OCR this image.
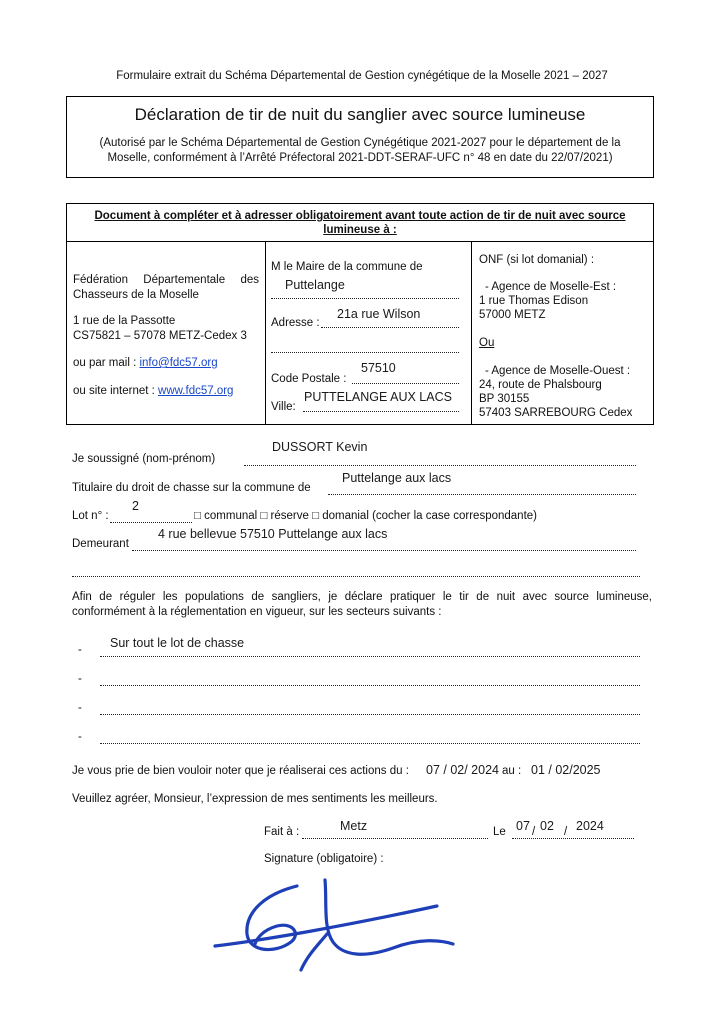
Formulaire extrait du Schéma Départemental de Gestion cynégétique de la Moselle 2021 – 2027
Déclaration de tir de nuit du sanglier avec source lumineuse
(Autorisé par le Schéma Départemental de Gestion Cynégétique 2021-2027 pour le département de la Moselle, conformément à l’Arrêté Préfectoral 2021-DDT-SERAF-UFC n° 48 en date du 22/07/2021)
Document à compléter et à adresser obligatoirement avant toute action de tir de nuit avec source lumineuse à :
Fédération Départementale des
Chasseurs de la Moselle
1 rue de la Passotte
CS75821 – 57078 METZ-Cedex 3
ou par mail : info@fdc57.org
ou site internet : www.fdc57.org
M le Maire de la commune de
Puttelange
Adresse :
21a rue Wilson
Code Postale :
57510
Ville:
PUTTELANGE AUX LACS
ONF (si lot domanial) :
- Agence de Moselle-Est :
1 rue Thomas Edison
57000 METZ
Ou
- Agence de Moselle-Ouest :
24, route de Phalsbourg
BP 30155
57403 SARREBOURG Cedex
Je soussigné (nom-prénom)
DUSSORT Kevin
Titulaire du droit de chasse sur la commune de
Puttelange aux lacs
Lot n° :
2
□ communal □ réserve □ domanial (cocher la case correspondante)
Demeurant
4 rue bellevue 57510 Puttelange aux lacs
Afin de réguler les populations de sangliers, je déclare pratiquer le tir de nuit avec source lumineuse, conformément à la réglementation en vigueur, sur les secteurs suivants :
- Sur tout le lot de chasse
-
-
-
Je vous prie de bien vouloir noter que je réaliserai ces actions du : 07 / 02/ 2024 au : 01 / 02/2025
Veuillez agréer, Monsieur, l’expression de mes sentiments les meilleurs.
Fait à :	Metz	Le 07 / 02 / 2024
Signature (obligatoire) :
